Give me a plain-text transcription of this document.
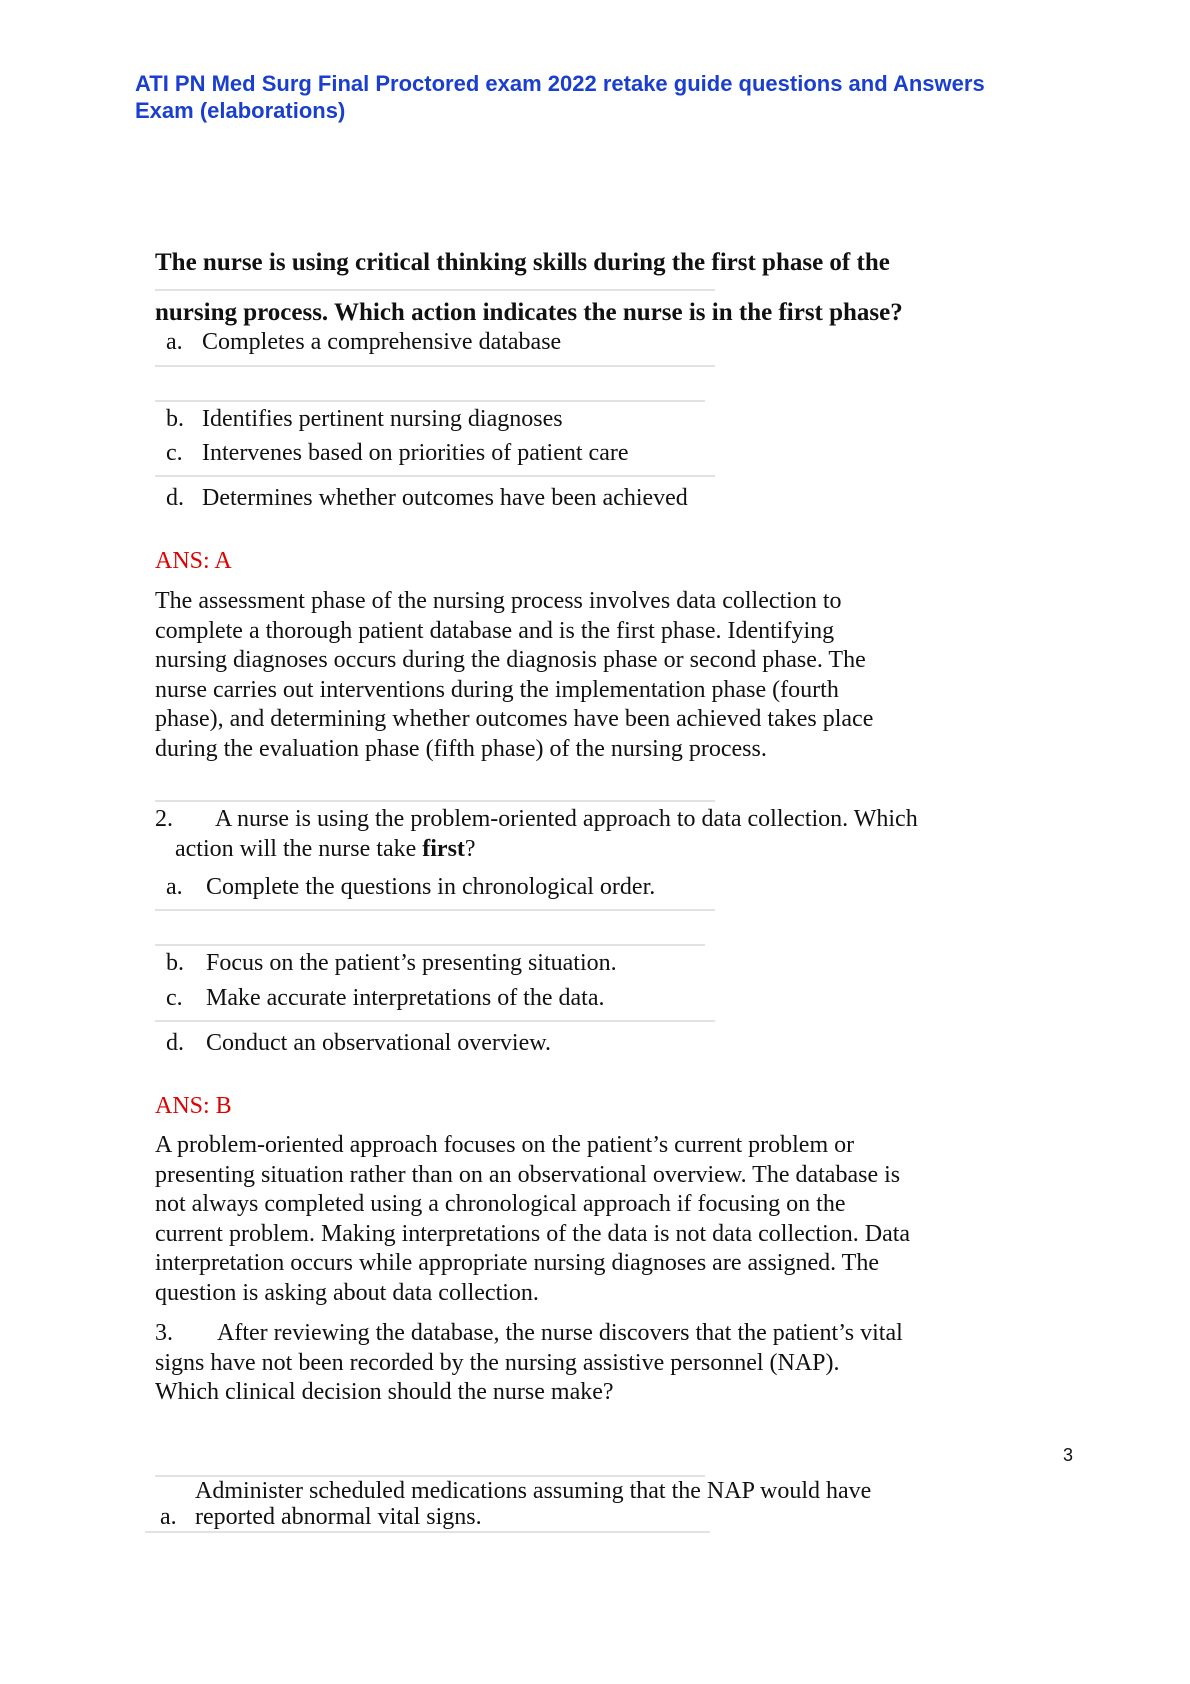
ATI PN Med Surg Final Proctored exam 2022 retake guide questions and Answers
Exam (elaborations)
The nurse is using critical thinking skills during the first phase of the
nursing process. Which action indicates the nurse is in the first phase?
a. Completes a comprehensive database
b. Identifies pertinent nursing diagnoses
c. Intervenes based on priorities of patient care
d. Determines whether outcomes have been achieved
ANS: A
The assessment phase of the nursing process involves data collection to
complete a thorough patient database and is the first phase. Identifying
nursing diagnoses occurs during the diagnosis phase or second phase. The
nurse carries out interventions during the implementation phase (fourth
phase), and determining whether outcomes have been achieved takes place
during the evaluation phase (fifth phase) of the nursing process.
2. A nurse is using the problem-oriented approach to data collection. Which
action will the nurse take first?
a. Complete the questions in chronological order.
b. Focus on the patient’s presenting situation.
c. Make accurate interpretations of the data.
d. Conduct an observational overview.
ANS: B
A problem-oriented approach focuses on the patient’s current problem or
presenting situation rather than on an observational overview. The database is
not always completed using a chronological approach if focusing on the
current problem. Making interpretations of the data is not data collection. Data
interpretation occurs while appropriate nursing diagnoses are assigned. The
question is asking about data collection.
3. After reviewing the database, the nurse discovers that the patient’s vital
signs have not been recorded by the nursing assistive personnel (NAP).
Which clinical decision should the nurse make?
3
Administer scheduled medications assuming that the NAP would have
a. reported abnormal vital signs.
